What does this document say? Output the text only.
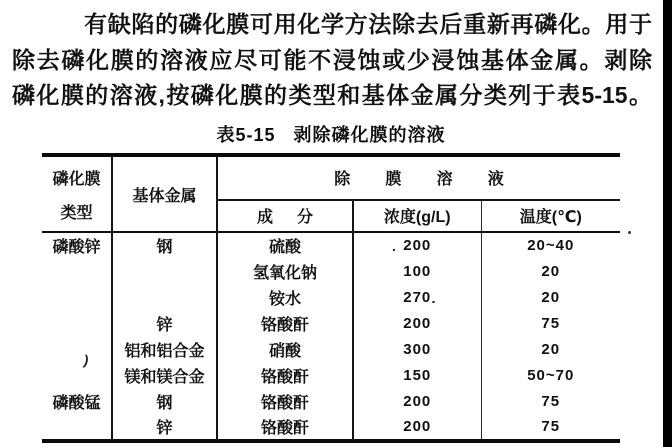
有缺陷的磷化膜可用化学方法除去后重新再磷化。用于
除去磷化膜的溶液应尽可能不浸蚀或少浸蚀基体金属。剥除
磷化膜的溶液,按磷化膜的类型和基体金属分类列于表5-15。
表5-15 剥除磷化膜的溶液
磷化膜
类型	基体金属	除膜溶液		
		成分	浓度(g/L)	温度(℃)
磷酸锌	钢	硫酸	200	20~40
		氢氧化钠	100	20
		铵水	270	20
	锌	铬酸酐	200	75
	铝和铝合金	硝酸	300	20
	镁和镁合金	铬酸酐	150	50~70
磷酸锰	钢	铬酸酐	200	75
	锌	铬酸酐	200	75
)
.
